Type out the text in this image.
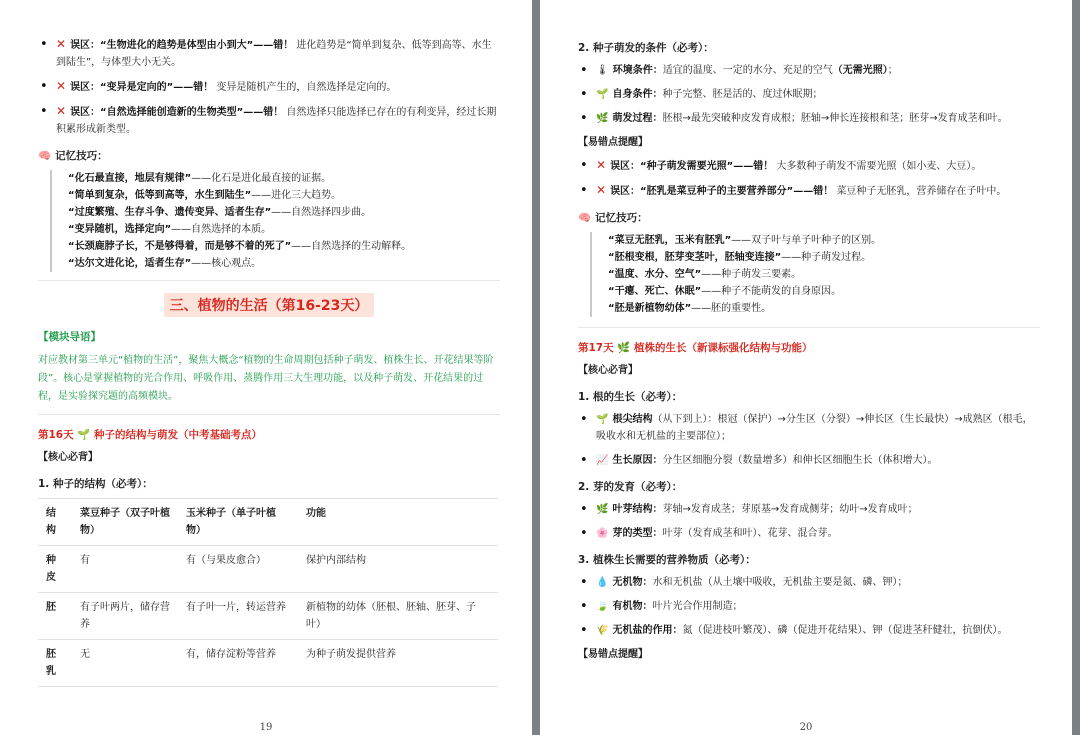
• ✕ 误区：“生物进化的趋势是体型由小到大”——错！ 进化趋势是“简单到复杂、低等到高等、水生到陆生”，与体型大小无关。
• ✕ 误区：“变异是定向的”——错！ 变异是随机产生的，自然选择是定向的。
• ✕ 误区：“自然选择能创造新的生物类型”——错！ 自然选择只能选择已存在的有利变异，经过长期积累形成新类型。
🧠 记忆技巧：
“化石最直接，地层有规律”——化石是进化最直接的证据。
“简单到复杂，低等到高等，水生到陆生”——进化三大趋势。
“过度繁殖、生存斗争、遗传变异、适者生存”——自然选择四步曲。
“变异随机，选择定向”——自然选择的本质。
“长颈鹿脖子长，不是够得着，而是够不着的死了”——自然选择的生动解释。
“达尔文进化论，适者生存”——核心观点。
三、植物的生活（第16-23天）
【模块导语】
对应教材第三单元“植物的生活”，聚焦大概念“植物的生命周期包括种子萌发、植株生长、开花结果等阶段”。核心是掌握植物的光合作用、呼吸作用、蒸腾作用三大生理功能，以及种子萌发、开花结果的过程，是实验探究题的高频模块。
第16天 🌱 种子的结构与萌发（中考基础考点）
【核心必背】
1. 种子的结构（必考）：
结构	菜豆种子（双子叶植物）	玉米种子（单子叶植物）	功能
种皮	有	有（与果皮愈合）	保护内部结构
胚	有子叶两片，储存营养	有子叶一片，转运营养	新植物的幼体（胚根、胚轴、胚芽、子叶）
胚乳	无	有，储存淀粉等营养	为种子萌发提供营养
19
2. 种子萌发的条件（必考）：
• 🌡 环境条件：适宜的温度、一定的水分、充足的空气（无需光照）；
• 🌱 自身条件：种子完整、胚是活的、度过休眠期；
• 🌿 萌发过程：胚根→最先突破种皮发育成根；胚轴→伸长连接根和茎；胚芽→发育成茎和叶。
【易错点提醒】
• ✕ 误区：“种子萌发需要光照”——错！ 大多数种子萌发不需要光照（如小麦、大豆）。
• ✕ 误区：“胚乳是菜豆种子的主要营养部分”——错！ 菜豆种子无胚乳，营养储存在子叶中。
🧠 记忆技巧：
“菜豆无胚乳，玉米有胚乳”——双子叶与单子叶种子的区别。
“胚根变根，胚芽变茎叶，胚轴变连接”——种子萌发过程。
“温度、水分、空气”——种子萌发三要素。
“干瘪、死亡、休眠”——种子不能萌发的自身原因。
“胚是新植物幼体”——胚的重要性。
第17天 🌿 植株的生长（新课标强化结构与功能）
【核心必背】
1. 根的生长（必考）：
• 🌱 根尖结构（从下到上）：根冠（保护）→分生区（分裂）→伸长区（生长最快）→成熟区（根毛，吸收水和无机盐的主要部位）；
• 📈 生长原因：分生区细胞分裂（数量增多）和伸长区细胞生长（体积增大）。
2. 芽的发育（必考）：
• 🌿 叶芽结构：芽轴→发育成茎；芽原基→发育成侧芽；幼叶→发育成叶；
• 🌸 芽的类型：叶芽（发育成茎和叶）、花芽、混合芽。
3. 植株生长需要的营养物质（必考）：
• 💧 无机物：水和无机盐（从土壤中吸收，无机盐主要是氮、磷、钾）；
• 🍃 有机物：叶片光合作用制造；
• 🌾 无机盐的作用：氮（促进枝叶繁茂）、磷（促进开花结果）、钾（促进茎秆健壮，抗倒伏）。
【易错点提醒】
20
